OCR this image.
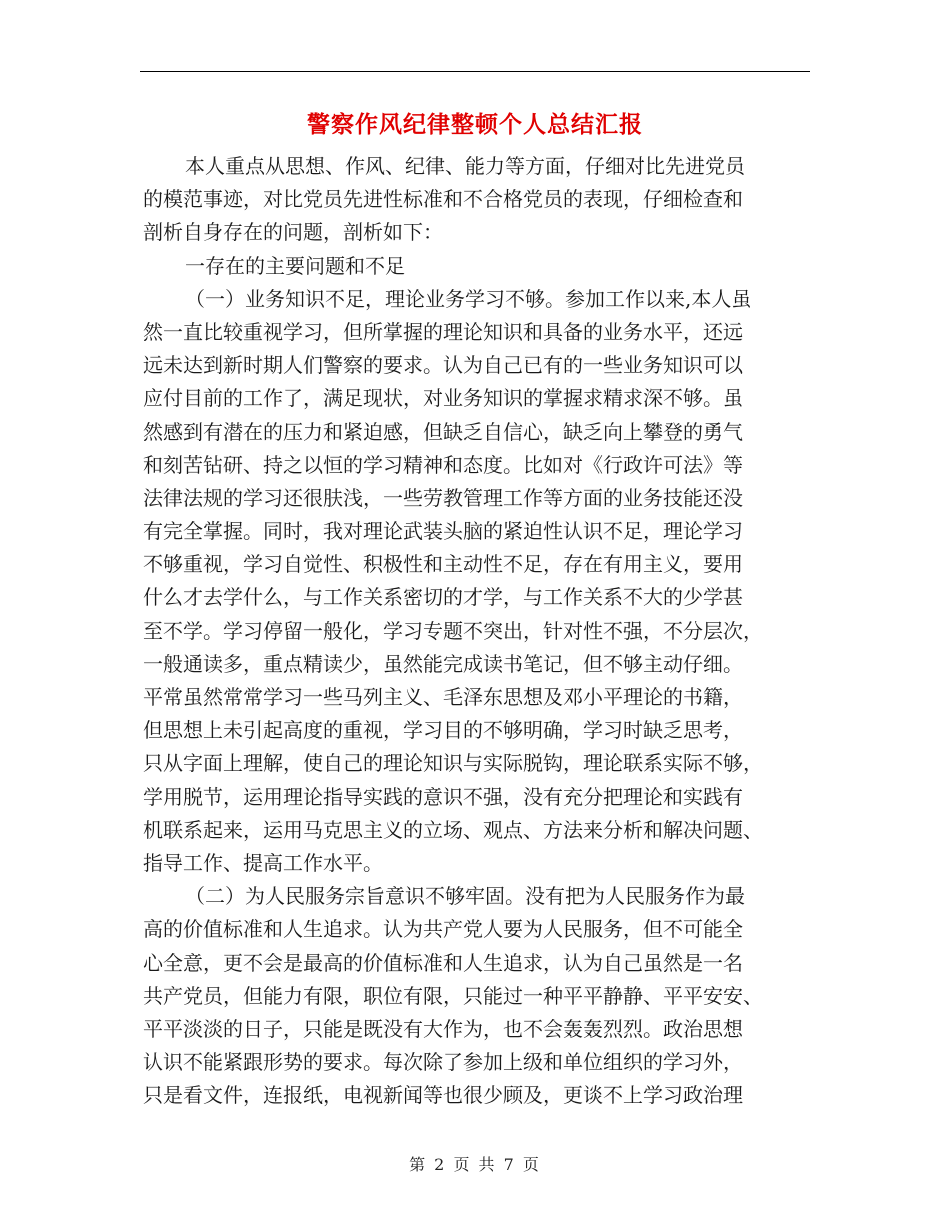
警察作风纪律整顿个人总结汇报
本人重点从思想、作风、纪律、能力等方面，仔细对比先进党员
的模范事迹，对比党员先进性标准和不合格党员的表现，仔细检查和
剖析自身存在的问题，剖析如下：
一存在的主要问题和不足
（一）业务知识不足，理论业务学习不够。参加工作以来,本人虽
然一直比较重视学习，但所掌握的理论知识和具备的业务水平，还远
远未达到新时期人们警察的要求。认为自己已有的一些业务知识可以
应付目前的工作了，满足现状，对业务知识的掌握求精求深不够。虽
然感到有潜在的压力和紧迫感，但缺乏自信心，缺乏向上攀登的勇气
和刻苦钻研、持之以恒的学习精神和态度。比如对《行政许可法》等
法律法规的学习还很肤浅，一些劳教管理工作等方面的业务技能还没
有完全掌握。同时，我对理论武装头脑的紧迫性认识不足，理论学习
不够重视，学习自觉性、积极性和主动性不足，存在有用主义，要用
什么才去学什么，与工作关系密切的才学，与工作关系不大的少学甚
至不学。学习停留一般化，学习专题不突出，针对性不强，不分层次，
一般通读多，重点精读少，虽然能完成读书笔记，但不够主动仔细。
平常虽然常常学习一些马列主义、毛泽东思想及邓小平理论的书籍，
但思想上未引起高度的重视，学习目的不够明确，学习时缺乏思考，
只从字面上理解，使自己的理论知识与实际脱钩，理论联系实际不够，
学用脱节，运用理论指导实践的意识不强，没有充分把理论和实践有
机联系起来，运用马克思主义的立场、观点、方法来分析和解决问题、
指导工作、提高工作水平。
（二）为人民服务宗旨意识不够牢固。没有把为人民服务作为最
高的价值标准和人生追求。认为共产党人要为人民服务，但不可能全
心全意，更不会是最高的价值标准和人生追求，认为自己虽然是一名
共产党员，但能力有限，职位有限，只能过一种平平静静、平平安安、
平平淡淡的日子，只能是既没有大作为，也不会轰轰烈烈。政治思想
认识不能紧跟形势的要求。每次除了参加上级和单位组织的学习外，
只是看文件，连报纸，电视新闻等也很少顾及，更谈不上学习政治理
第 2 页 共 7 页
